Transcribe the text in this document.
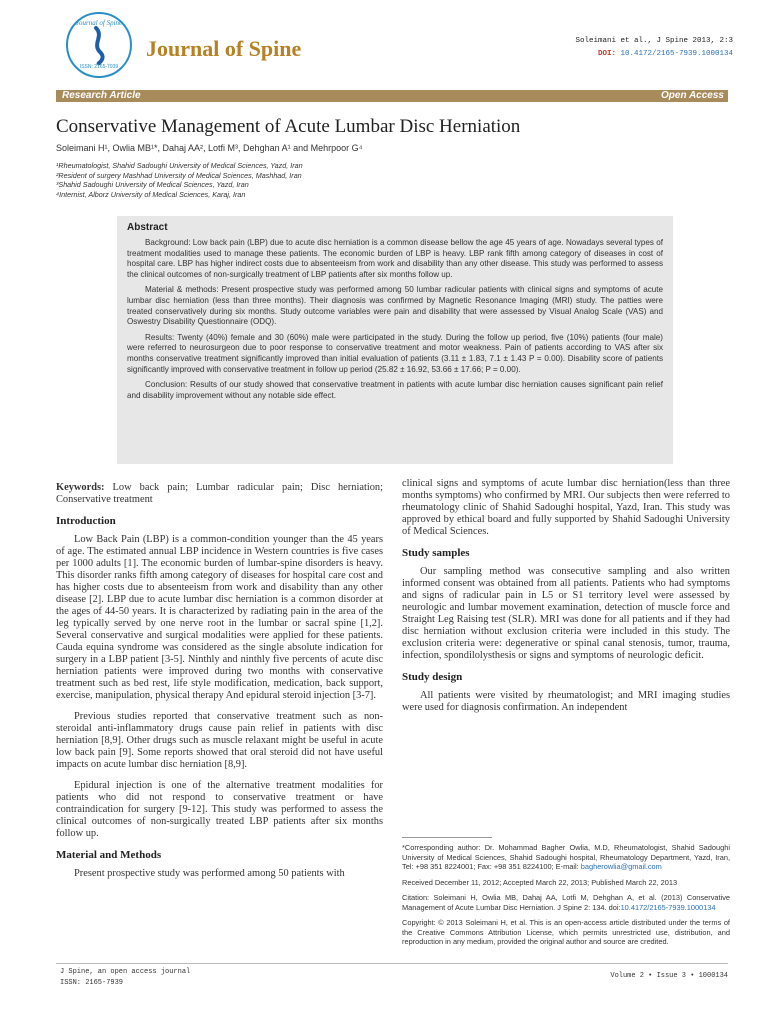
Journal of Spine
ISSN: 2165-7939
Journal of Spine	Soleimani et al., J Spine 2013, 2:3
DOI: 10.4172/2165-7939.1000134
Research Article	Open Access
Conservative Management of Acute Lumbar Disc Herniation
Soleimani H¹, Owlia MB¹*, Dahaj AA², Lotfi M³, Dehghan A¹ and Mehrpoor G⁴
¹Rheumatologist, Shahid Sadoughi University of Medical Sciences, Yazd, Iran
²Resident of surgery Mashhad University of Medical Sciences, Mashhad, Iran
³Shahid Sadoughi University of Medical Sciences, Yazd, Iran
⁴Internist, Alborz University of Medical Sciences, Karaj, Iran
Abstract

Background: Low back pain (LBP) due to acute disc herniation is a common disease bellow the age 45 years of age. Nowadays several types of treatment modalities used to manage these patients. The economic burden of LBP is heavy. LBP rank fifth among category of diseases in cost of hospital care. LBP has higher indirect costs due to absenteeism from work and disability than any other disease. This study was performed to assess the clinical outcomes of non-surgically treatment of LBP patients after six months follow up.

Material & methods: Present prospective study was performed among 50 lumbar radicular patients with clinical signs and symptoms of acute lumbar disc herniation (less than three months). Their diagnosis was confirmed by Magnetic Resonance Imaging (MRI) study. The patties were treated conservatively during six months. Study outcome variables were pain and disability that were assessed by Visual Analog Scale (VAS) and Oswestry Disability Questionnaire (ODQ).

Results: Twenty (40%) female and 30 (60%) male were participated in the study. During the follow up period, five (10%) patients (four male) were referred to neurosurgeon due to poor response to conservative treatment and motor weakness. Pain of patients according to VAS after six months conservative treatment significantly improved than initial evaluation of patients (3.11 ± 1.83, 7.1 ± 1.43 P = 0.00). Disability score of patients significantly improved with conservative treatment in follow up period (25.82 ± 16.92, 53.66 ± 17.66; P = 0.00).

Conclusion: Results of our study showed that conservative treatment in patients with acute lumbar disc herniation causes significant pain relief and disability improvement without any notable side effect.

Keywords: Low back pain; Lumbar radicular pain; Disc herniation; Conservative treatment

Introduction

Low Back Pain (LBP) is a common-condition younger than the 45 years of age. The estimated annual LBP incidence in Western countries is five cases per 1000 adults [1]. The economic burden of lumbar-spine disorders is heavy. This disorder ranks fifth among category of diseases for hospital care cost and has higher costs due to absenteeism from work and disability than any other disease [2]. LBP due to acute lumbar disc herniation is a common disorder at the ages of 44-50 years. It is characterized by radiating pain in the area of the leg typically served by one nerve root in the lumbar or sacral spine [1,2]. Several conservative and surgical modalities were applied for these patients. Cauda equina syndrome was considered as the single absolute indication for surgery in a LBP patient [3-5]. Ninthly and ninthly five percents of acute disc herniation patients were improved during two months with conservative treatment such as bed rest, life style modification, medication, back support, exercise, manipulation, physical therapy And epidural steroid injection [3-7].

Previous studies reported that conservative treatment such as non-steroidal anti-inflammatory drugs cause pain relief in patients with disc herniation [8,9]. Other drugs such as muscle relaxant might be useful in acute low back pain [9]. Some reports showed that oral steroid did not have useful impacts on acute lumbar disc herniation [8,9].

Epidural injection is one of the alternative treatment modalities for patients who did not respond to conservative treatment or have contraindication for surgery [9-12]. This study was performed to assess the clinical outcomes of non-surgically treated LBP patients after six months follow up.

Material and Methods

Present prospective study was performed among 50 patients with

clinical signs and symptoms of acute lumbar disc herniation(less than three months symptoms) who confirmed by MRI. Our subjects then were referred to rheumatology clinic of Shahid Sadoughi hospital, Yazd, Iran. This study was approved by ethical board and fully supported by Shahid Sadoughi University of Medical Sciences.

Study samples

Our sampling method was consecutive sampling and also written informed consent was obtained from all patients. Patients who had symptoms and signs of radicular pain in L5 or S1 territory level were assessed by neurologic and lumbar movement examination, detection of muscle force and Straight Leg Raising test (SLR). MRI was done for all patients and if they had disc herniation without exclusion criteria were included in this study. The exclusion criteria were: degenerative or spinal canal stenosis, tumor, trauma, infection, spondilolysthesis or signs and symptoms of neurologic deficit.

Study design

All patients were visited by rheumatologist; and MRI imaging studies were used for diagnosis confirmation. An independent

*Corresponding author: Dr. Mohammad Bagher Owlia, M.D, Rheumatologist, Shahid Sadoughi University of Medical Sciences, Shahid Sadoughi hospital, Rheumatology Department, Yazd, Iran, Tel: +98 351 8224001; Fax: +98 351 8224100; E-mail: bagherowlia@gmail.com

Received December 11, 2012; Accepted March 22, 2013; Published March 22, 2013

Citation: Soleimani H, Owlia MB, Dahaj AA, Lotfi M, Dehghan A, et al. (2013) Conservative Management of Acute Lumbar Disc Herniation. J Spine 2: 134. doi:10.4172/2165-7939.1000134

Copyright: © 2013 Soleimani H, et al. This is an open-access article distributed under the terms of the Creative Commons Attribution License, which permits unrestricted use, distribution, and reproduction in any medium, provided the original author and source are credited.

J Spine, an open access journal
ISSN: 2165-7939
Volume 2 • Issue 3 • 1000134
